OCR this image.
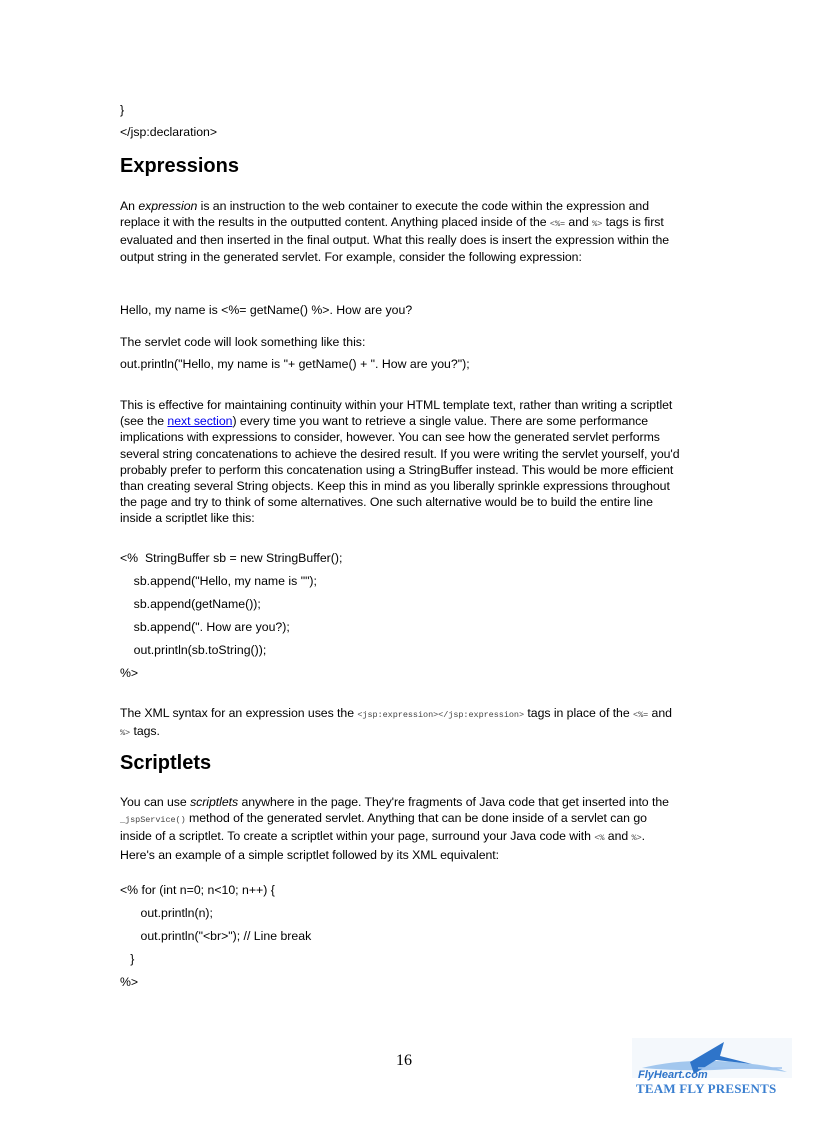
}
</jsp:declaration>
Expressions
An expression is an instruction to the web container to execute the code within the expression and replace it with the results in the outputted content. Anything placed inside of the <%= and %> tags is first evaluated and then inserted in the final output. What this really does is insert the expression within the output string in the generated servlet. For example, consider the following expression:
Hello, my name is <%= getName() %>. How are you?
The servlet code will look something like this:
out.println("Hello, my name is "+ getName() + ". How are you?");
This is effective for maintaining continuity within your HTML template text, rather than writing a scriptlet (see the next section) every time you want to retrieve a single value. There are some performance implications with expressions to consider, however. You can see how the generated servlet performs several string concatenations to achieve the desired result. If you were writing the servlet yourself, you'd probably prefer to perform this concatenation using a StringBuffer instead. This would be more efficient than creating several String objects. Keep this in mind as you liberally sprinkle expressions throughout the page and try to think of some alternatives. One such alternative would be to build the entire line inside a scriptlet like this:
<%  StringBuffer sb = new StringBuffer();
sb.append("Hello, my name is "");
sb.append(getName());
sb.append(". How are you?);
out.println(sb.toString());
%>
The XML syntax for an expression uses the <jsp:expression></jsp:expression> tags in place of the <%= and %> tags.
Scriptlets
You can use scriptlets anywhere in the page. They're fragments of Java code that get inserted into the _jspService() method of the generated servlet. Anything that can be done inside of a servlet can go inside of a scriptlet. To create a scriptlet within your page, surround your Java code with <% and %>. Here's an example of a simple scriptlet followed by its XML equivalent:
<% for (int n=0; n<10; n++) {
out.println(n);
out.println("<br>"); // Line break
}
%>
16
FlyHeart.com
TEAM FLY PRESENTS
